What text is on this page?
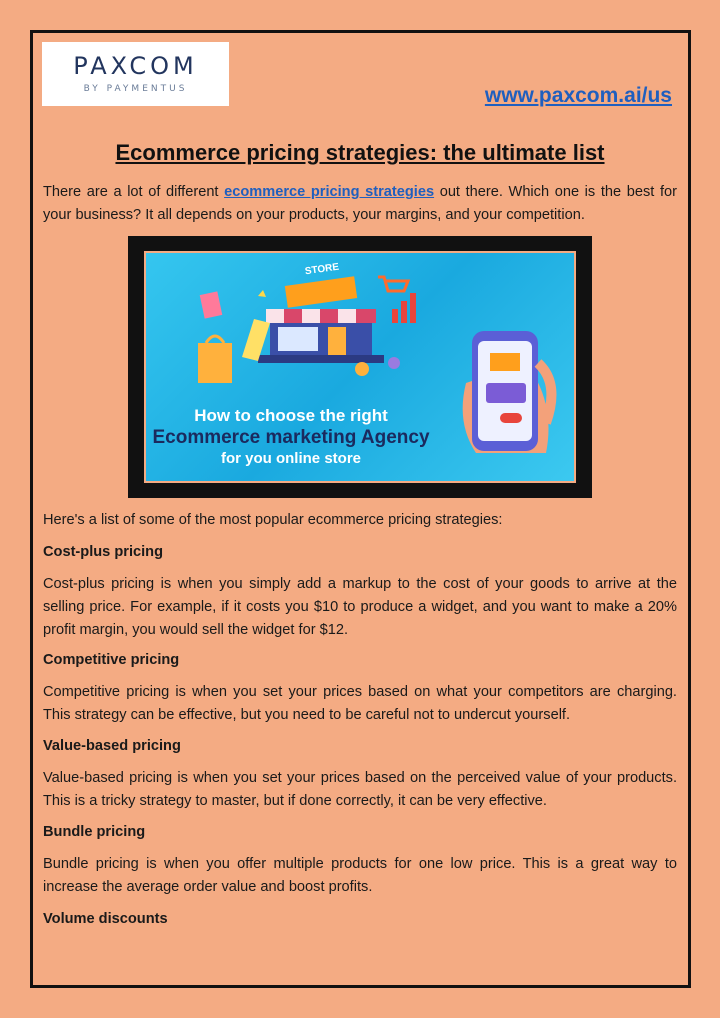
PAXCOM
BY PAYMENTUS	www.paxcom.ai/us
Ecommerce pricing strategies: the ultimate list

There are a lot of different ecommerce pricing strategies out there. Which one is the best for your business? It all depends on your products, your margins, and your competition.

STORE
How to choose the right
Ecommerce marketing Agency
for you online store

Here's a list of some of the most popular ecommerce pricing strategies:

Cost-plus pricing

Cost-plus pricing is when you simply add a markup to the cost of your goods to arrive at the selling price. For example, if it costs you $10 to produce a widget, and you want to make a 20% profit margin, you would sell the widget for $12.

Competitive pricing

Competitive pricing is when you set your prices based on what your competitors are charging. This strategy can be effective, but you need to be careful not to undercut yourself.

Value-based pricing

Value-based pricing is when you set your prices based on the perceived value of your products. This is a tricky strategy to master, but if done correctly, it can be very effective.

Bundle pricing

Bundle pricing is when you offer multiple products for one low price. This is a great way to increase the average order value and boost profits.

Volume discounts
